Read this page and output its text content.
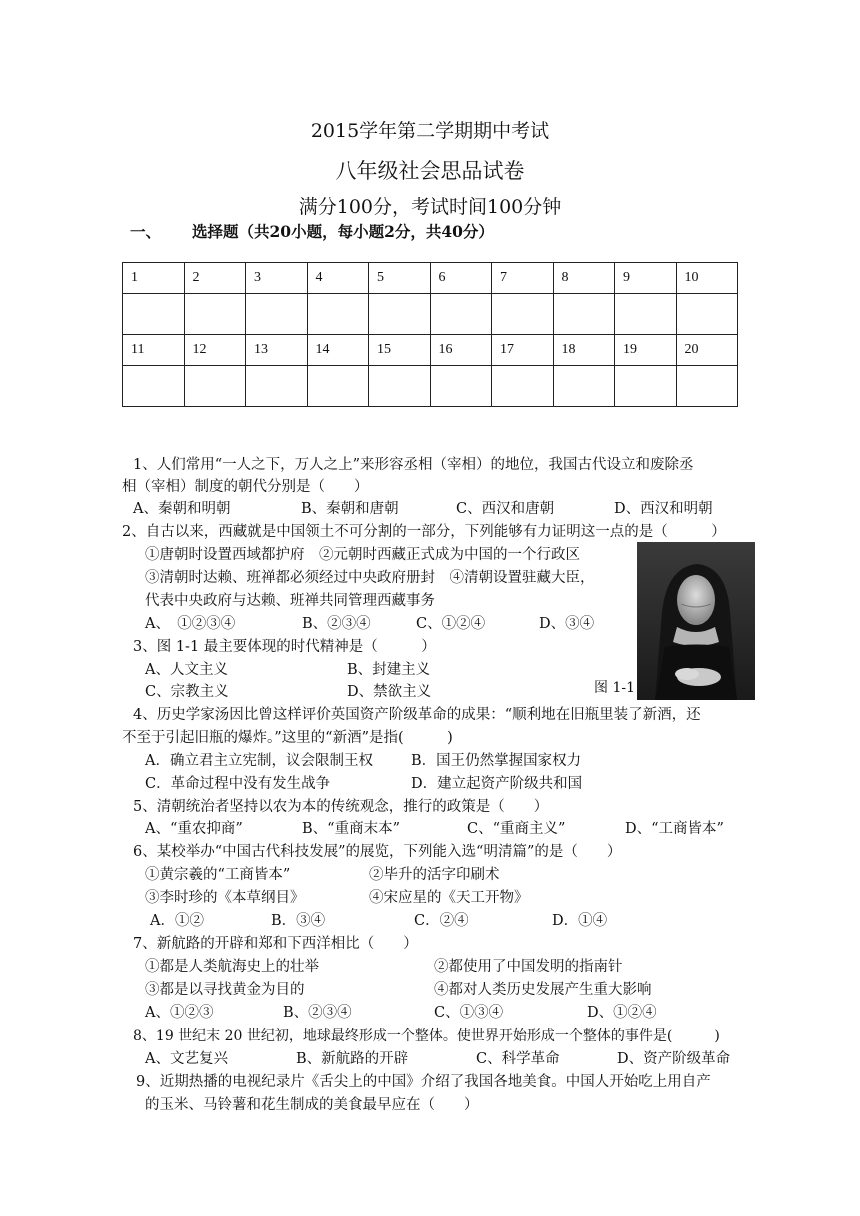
2015学年第二学期期中考试
八年级社会思品试卷
满分100分，考试时间100分钟
一、 选择题（共20小题，每小题2分，共40分）
1	2	3	4	5	6	7	8	9	10

11	12	13	14	15	16	17	18	19	20

1、人们常用“一人之下，万人之上”来形容丞相（宰相）的地位，我国古代设立和废除丞
相（宰相）制度的朝代分别是（　　）
A、秦朝和明朝	B、秦朝和唐朝	C、西汉和唐朝	D、西汉和明朝
2、自古以来，西藏就是中国领土不可分割的一部分，下列能够有力证明这一点的是（　　　）
①唐朝时设置西域都护府　②元朝时西藏正式成为中国的一个行政区
③清朝时达赖、班禅都必须经过中央政府册封　④清朝设置驻藏大臣，
代表中央政府与达赖、班禅共同管理西藏事务
A、　①②③④	B、②③④	C、①②④	D、③④
图 1-1
3、图 1-1 最主要体现的时代精神是（　　　）
A、人文主义	B、封建主义
C、宗教主义	D、禁欲主义
4、历史学家汤因比曾这样评价英国资产阶级革命的成果：“顺利地在旧瓶里装了新酒，还
不至于引起旧瓶的爆炸。”这里的“新酒”是指(　　　)
A．确立君主立宪制，议会限制王权	B．国王仍然掌握国家权力
C．革命过程中没有发生战争	D．建立起资产阶级共和国
5、清朝统治者坚持以农为本的传统观念，推行的政策是（　　）
A、“重农抑商”	B、“重商末本”	C、“重商主义”	D、“工商皆本”
6、某校举办“中国古代科技发展”的展览，下列能入选“明清篇”的是（　　）
①黄宗羲的“工商皆本”	②毕升的活字印刷术
③李时珍的《本草纲目》	④宋应星的《天工开物》
A．①②	B．③④	C．②④	D．①④
7、新航路的开辟和郑和下西洋相比（　　）
①都是人类航海史上的壮举	②都使用了中国发明的指南针
③都是以寻找黄金为目的	④都对人类历史发展产生重大影响
A、①②③	B、②③④	C、①③④	D、①②④
8、19 世纪末 20 世纪初，地球最终形成一个整体。使世界开始形成一个整体的事件是(　　　)
A、文艺复兴	B、新航路的开辟	C、科学革命	D、资产阶级革命
9、近期热播的电视纪录片《舌尖上的中国》介绍了我国各地美食。中国人开始吃上用自产
的玉米、马铃薯和花生制成的美食最早应在（　　）
